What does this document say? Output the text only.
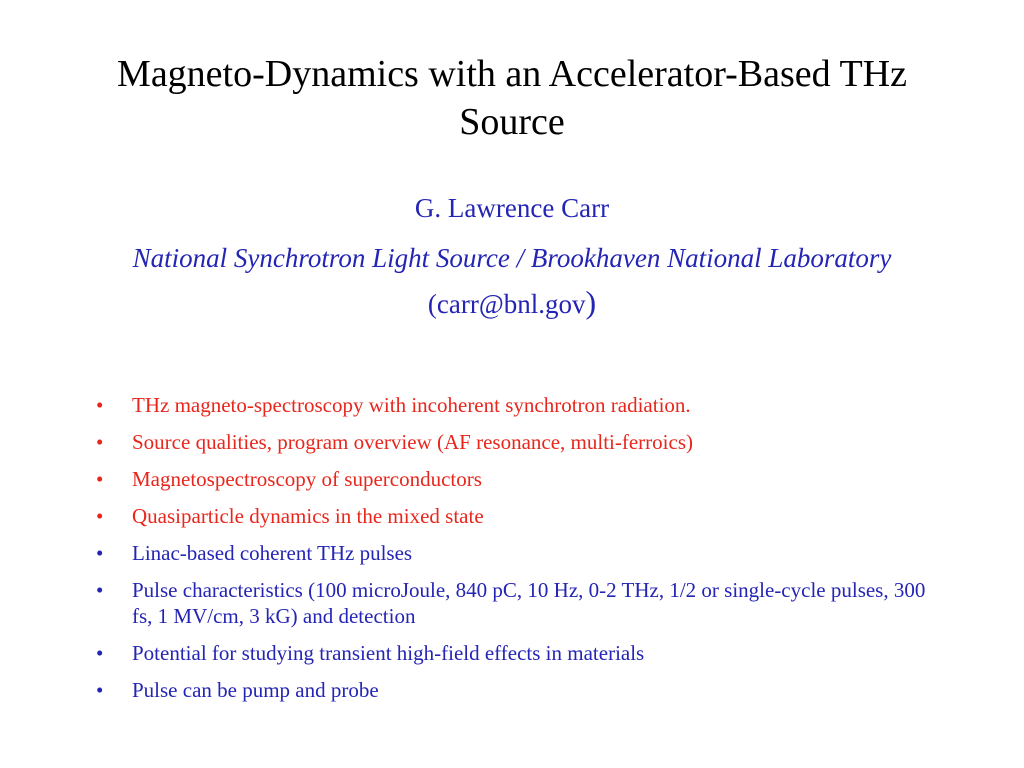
Magneto-Dynamics with an Accelerator-Based THz Source
G. Lawrence Carr
National Synchrotron Light Source / Brookhaven National Laboratory (carr@bnl.gov)
• THz magneto-spectroscopy with incoherent synchrotron radiation.
• Source qualities, program overview (AF resonance, multi-ferroics)
• Magnetospectroscopy of superconductors
• Quasiparticle dynamics in the mixed state
• Linac-based coherent THz pulses
• Pulse characteristics (100 microJoule, 840 pC, 10 Hz, 0-2 THz, 1/2 or single-cycle pulses, 300 fs, 1 MV/cm, 3 kG) and detection
• Potential for studying transient high-field effects in materials
• Pulse can be pump and probe
